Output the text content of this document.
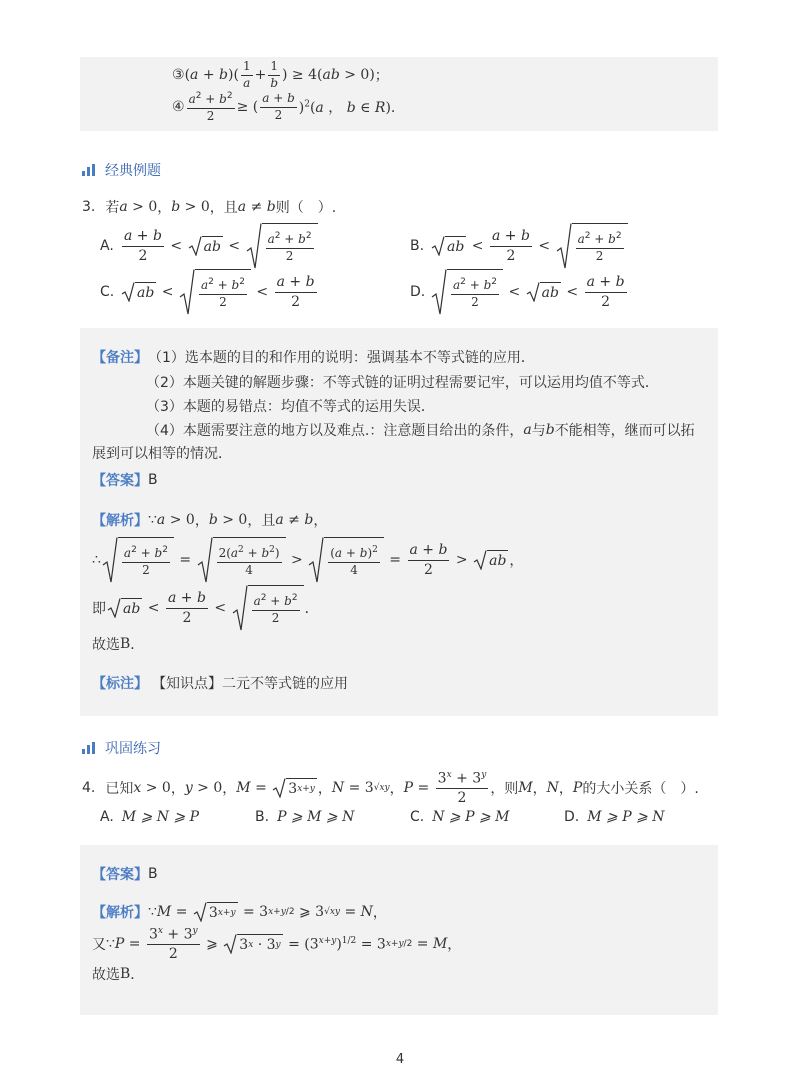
③ $(a + b)( \frac{1}{a} + \frac{1}{b}$ ) ≥ 4(ab > 0) ；
④ $\frac{a^2 + b^2}{2}$ ≥ ( $\frac{a + b}{2} )^2(a$ ， b ∈ R).
经典例题
3. 若 a > 0 ， b > 0 ，且 a ≠ b 则（　）.
A. $\frac{a + b}{2}$ < ab < $\frac{a^2 + b^2}{2}$	B.	ab < $\frac{a + b}{2} < \frac{a^2 + b^2}{2}$
C.	ab < $\frac{a^2 + b^2}{2} < \frac{a + b}{2}$	D.	$\frac{a^2 + b^2}{2}$ < ab < $\frac{a + b}{2}$
【备注】 （1）选本题的目的和作用的说明：强调基本不等式链的应用．
（2）本题关键的解题步骤：不等式链的证明过程需要记牢，可以运用均值不等式．
（3）本题的易错点：均值不等式的运用失误．
（4）本题需要注意的地方以及难点.：注意题目给出的条件， a 与 b 不能相等，继而可以拓
展到可以相等的情况．
【答案】 B
【解析】 ∵ a > 0 ， b > 0 ，且 a ≠ b ，
∴ $\frac{a^2 + b^2}{2} = \frac{2(a^2 + b^2)}{4} > \frac{(a + b)^2}{4} = \frac{a + b}{2}$ > ab ，
即 ab < $\frac{a + b}{2} < \frac{a^2 + b^2}{2}$ ．
故选 B ．
【标注】 【知识点】二元不等式链的应用
巩固练习
4. 已知 x > 0 ， y > 0 ， M = 3 x+y ， N = 3 √xy ， $P = \frac{3^x + 3^y}{2}$ ，则 M ， N ， P 的大小关系（　）.
A. M ⩾ N ⩾ P	B. P ⩾ M ⩾ N	C. N ⩾ P ⩾ M	D. M ⩾ P ⩾ N
【答案】 B
【解析】 ∵ M = 3 x+y = 3 x+y/2 ⩾ 3 √xy = N ，
又 ∵ $P = \frac{3^x + 3^y}{2}$ ⩾ 3 x · 3 $y = (3^{x+y})^{1/2} = 3$ x+y/2 = M ，
故选 B ．
4
